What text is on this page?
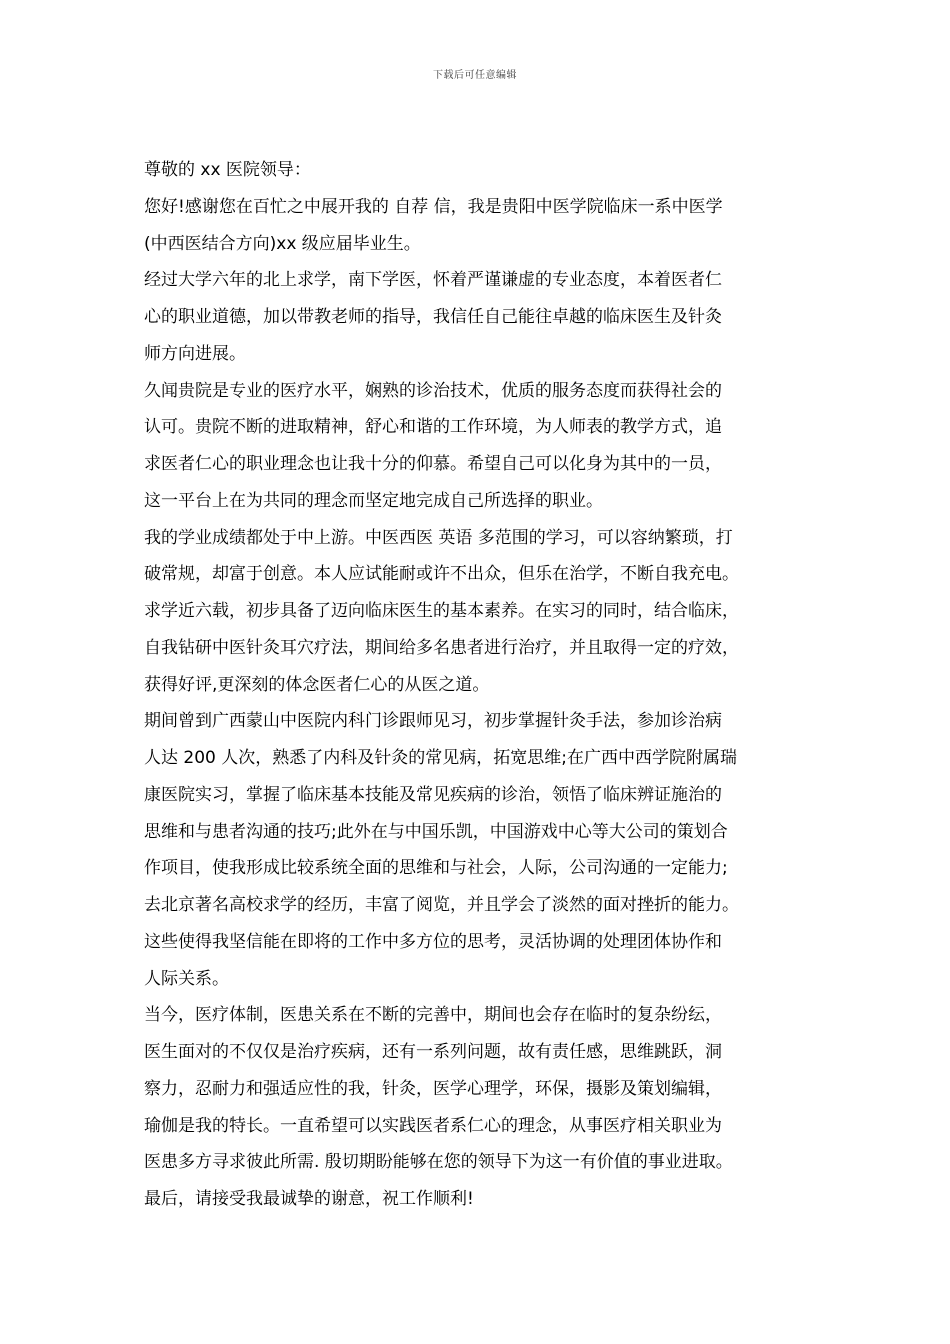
下载后可任意编辑
尊敬的 xx 医院领导：
您好!感谢您在百忙之中展开我的 自荐 信，我是贵阳中医学院临床一系中医学
(中西医结合方向)xx 级应届毕业生。
经过大学六年的北上求学，南下学医，怀着严谨谦虚的专业态度，本着医者仁
心的职业道德，加以带教老师的指导，我信任自己能往卓越的临床医生及针灸
师方向进展。
久闻贵院是专业的医疗水平，娴熟的诊治技术，优质的服务态度而获得社会的
认可。贵院不断的进取精神，舒心和谐的工作环境，为人师表的教学方式，追
求医者仁心的职业理念也让我十分的仰慕。希望自己可以化身为其中的一员，
这一平台上在为共同的理念而坚定地完成自己所选择的职业。
我的学业成绩都处于中上游。中医西医 英语 多范围的学习，可以容纳繁琐，打
破常规，却富于创意。本人应试能耐或许不出众，但乐在治学，不断自我充电。
求学近六载，初步具备了迈向临床医生的基本素养。在实习的同时，结合临床，
自我钻研中医针灸耳穴疗法，期间给多名患者进行治疗，并且取得一定的疗效，
获得好评,更深刻的体念医者仁心的从医之道。
期间曾到广西蒙山中医院内科门诊跟师见习，初步掌握针灸手法，参加诊治病
人达 200 人次，熟悉了内科及针灸的常见病，拓宽思维;在广西中西学院附属瑞
康医院实习，掌握了临床基本技能及常见疾病的诊治，领悟了临床辨证施治的
思维和与患者沟通的技巧;此外在与中国乐凯，中国游戏中心等大公司的策划合
作项目，使我形成比较系统全面的思维和与社会，人际，公司沟通的一定能力;
去北京著名高校求学的经历，丰富了阅览，并且学会了淡然的面对挫折的能力。
这些使得我坚信能在即将的工作中多方位的思考，灵活协调的处理团体协作和
人际关系。
当今，医疗体制，医患关系在不断的完善中，期间也会存在临时的复杂纷纭，
医生面对的不仅仅是治疗疾病，还有一系列问题，故有责任感，思维跳跃，洞
察力，忍耐力和强适应性的我，针灸，医学心理学，环保，摄影及策划编辑，
瑜伽是我的特长。一直希望可以实践医者系仁心的理念，从事医疗相关职业为
医患多方寻求彼此所需. 殷切期盼能够在您的领导下为这一有价值的事业进取。
最后，请接受我最诚挚的谢意，祝工作顺利!
